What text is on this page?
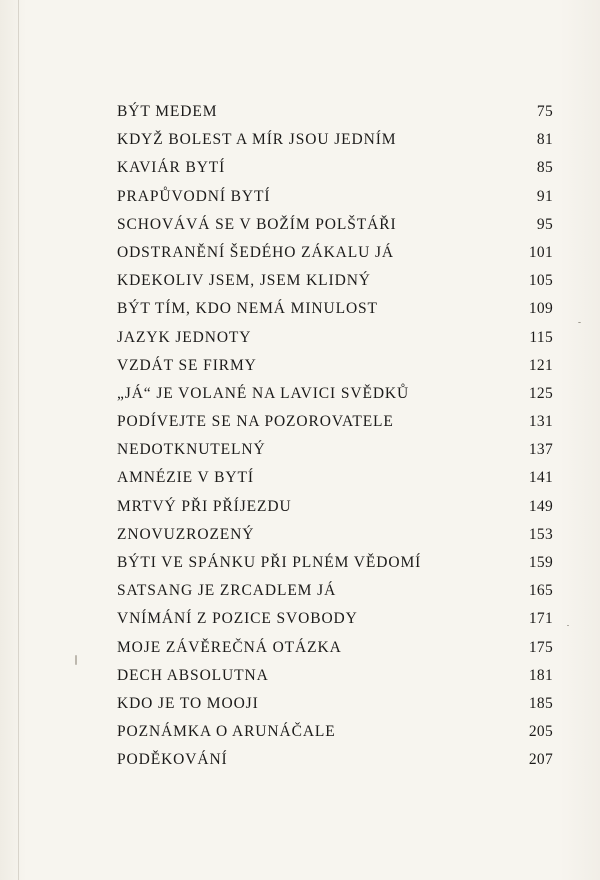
BÝT MEDEM	75
KDYŽ BOLEST A MÍR JSOU JEDNÍM	81
KAVIÁR BYTÍ	85
PRAPŮVODNÍ BYTÍ	91
SCHOVÁVÁ SE V BOŽÍM POLŠTÁŘI	95
ODSTRANĚNÍ ŠEDÉHO ZÁKALU JÁ	101
KDEKOLIV JSEM, JSEM KLIDNÝ	105
BÝT TÍM, KDO NEMÁ MINULOST	109
JAZYK JEDNOTY	115
VZDÁT SE FIRMY	121
„JÁ“ JE VOLANÉ NA LAVICI SVĚDKŮ	125
PODÍVEJTE SE NA POZOROVATELE	131
NEDOTKNUTELNÝ	137
AMNÉZIE V BYTÍ	141
MRTVÝ PŘI PŘÍJEZDU	149
ZNOVUZROZENÝ	153
BÝTI VE SPÁNKU PŘI PLNÉM VĚDOMÍ	159
SATSANG JE ZRCADLEM JÁ	165
VNÍMÁNÍ Z POZICE SVOBODY	171
MOJE ZÁVĚREČNÁ OTÁZKA	175
DECH ABSOLUTNA	181
KDO JE TO MOOJI	185
POZNÁMKA O ARUNÁČALE	205
PODĚKOVÁNÍ	207
